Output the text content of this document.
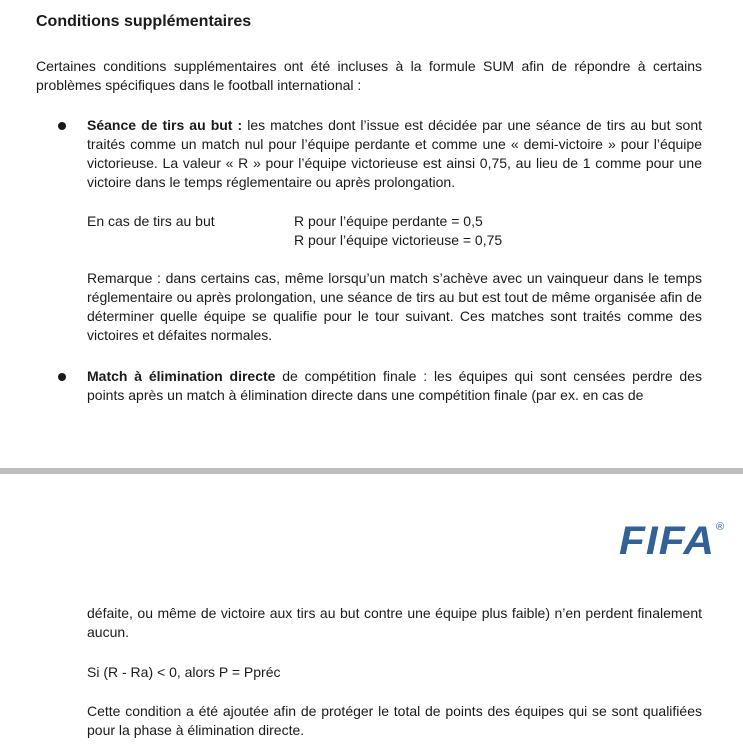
Conditions supplémentaires

Certaines conditions supplémentaires ont été incluses à la formule SUM afin de répondre à certains problèmes spécifiques dans le football international :

Séance de tirs au but : les matches dont l’issue est décidée par une séance de tirs au but sont traités comme un match nul pour l’équipe perdante et comme une « demi-victoire » pour l’équipe victorieuse. La valeur « R » pour l’équipe victorieuse est ainsi 0,75, au lieu de 1 comme pour une victoire dans le temps réglementaire ou après prolongation.

En cas de tirs au but	R pour l’équipe perdante = 0,5
R pour l’équipe victorieuse = 0,75

Remarque : dans certains cas, même lorsqu’un match s’achève avec un vainqueur dans le temps réglementaire ou après prolongation, une séance de tirs au but est tout de même organisée afin de déterminer quelle équipe se qualifie pour le tour suivant. Ces matches sont traités comme des victoires et défaites normales.

Match à élimination directe de compétition finale : les équipes qui sont censées perdre des points après un match à élimination directe dans une compétition finale (par ex. en cas de

FIFA ®

défaite, ou même de victoire aux tirs au but contre une équipe plus faible) n’en perdent finalement aucun.

Si (R - Ra) < 0, alors P = Ppréc

Cette condition a été ajoutée afin de protéger le total de points des équipes qui se sont qualifiées pour la phase à élimination directe.
